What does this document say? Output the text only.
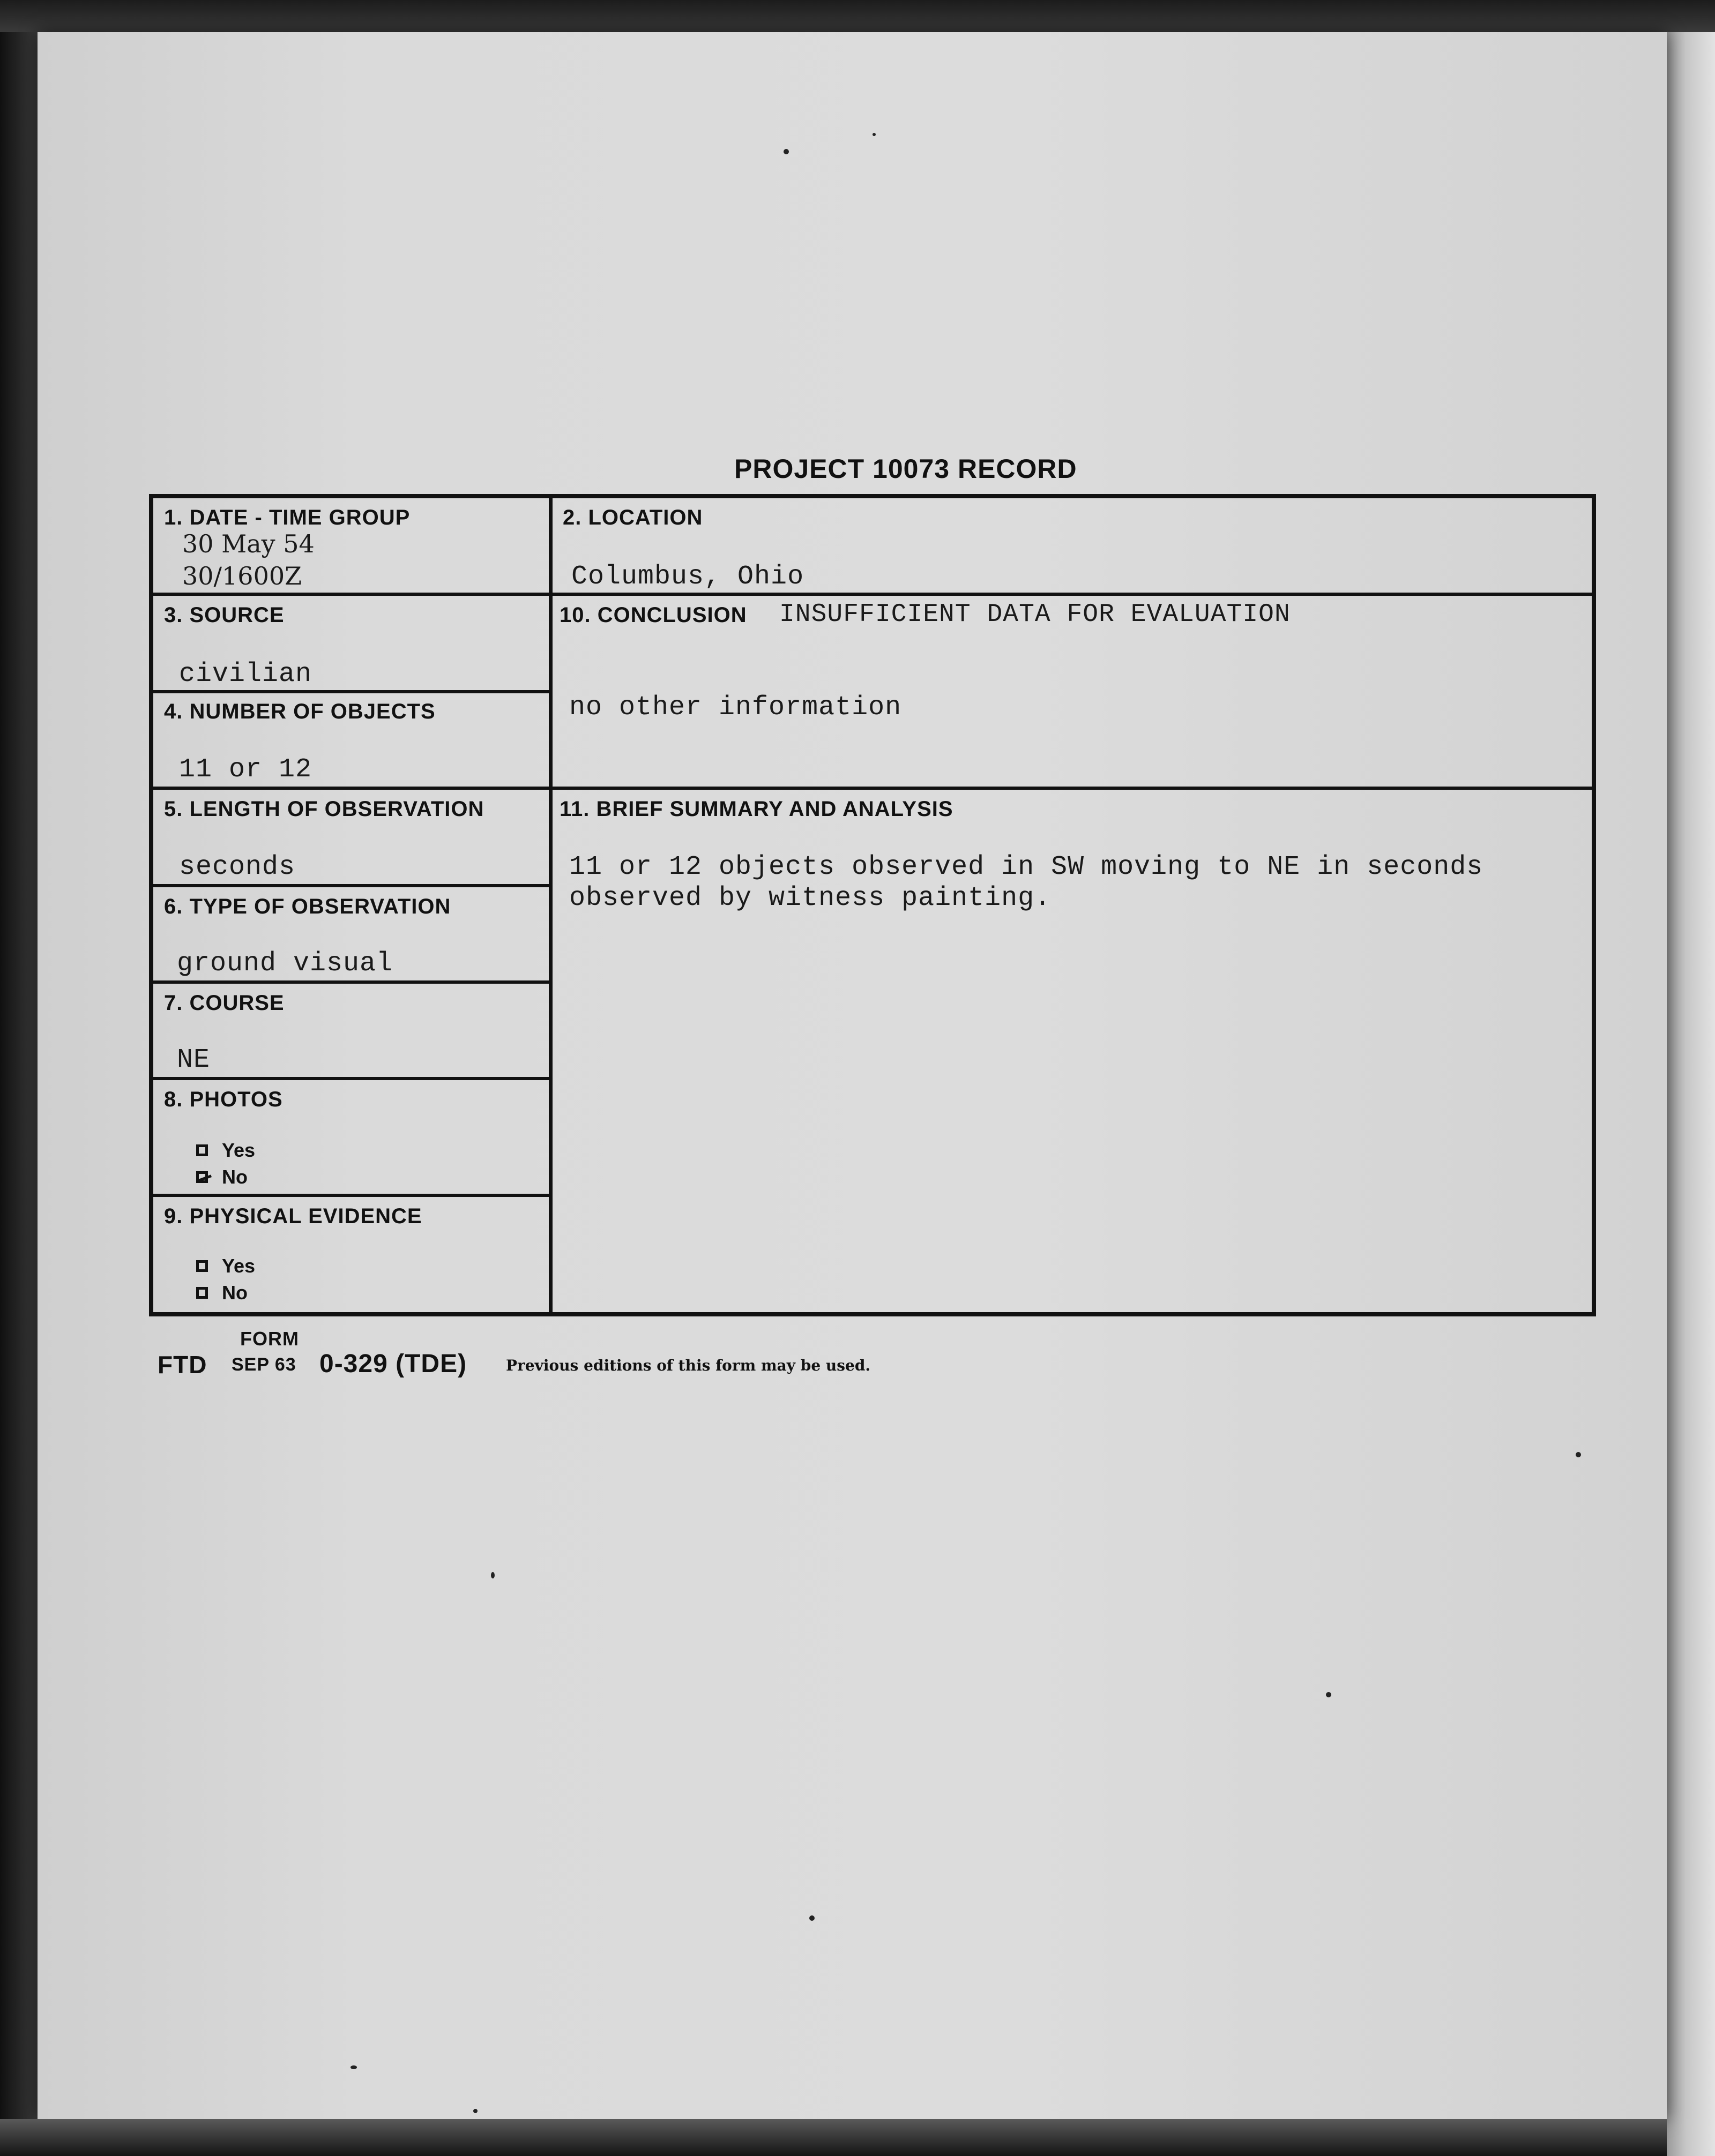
PROJECT 10073 RECORD
1. DATE - TIME GROUP
30 May 54
30/1600Z
2. LOCATION
Columbus, Ohio
3. SOURCE
civilian
4. NUMBER OF OBJECTS
11 or 12
5. LENGTH OF OBSERVATION
seconds
6. TYPE OF OBSERVATION
ground visual
7. COURSE
NE
8. PHOTOS
Yes
No
9. PHYSICAL EVIDENCE
Yes
No
10. CONCLUSION INSUFFICIENT DATA FOR EVALUATION
no other information
11. BRIEF SUMMARY AND ANALYSIS
11 or 12 objects observed in SW moving to NE in seconds
observed by witness painting.
FORM
FTD SEP 63 0-329 (TDE)	Previous editions of this form may be used.
